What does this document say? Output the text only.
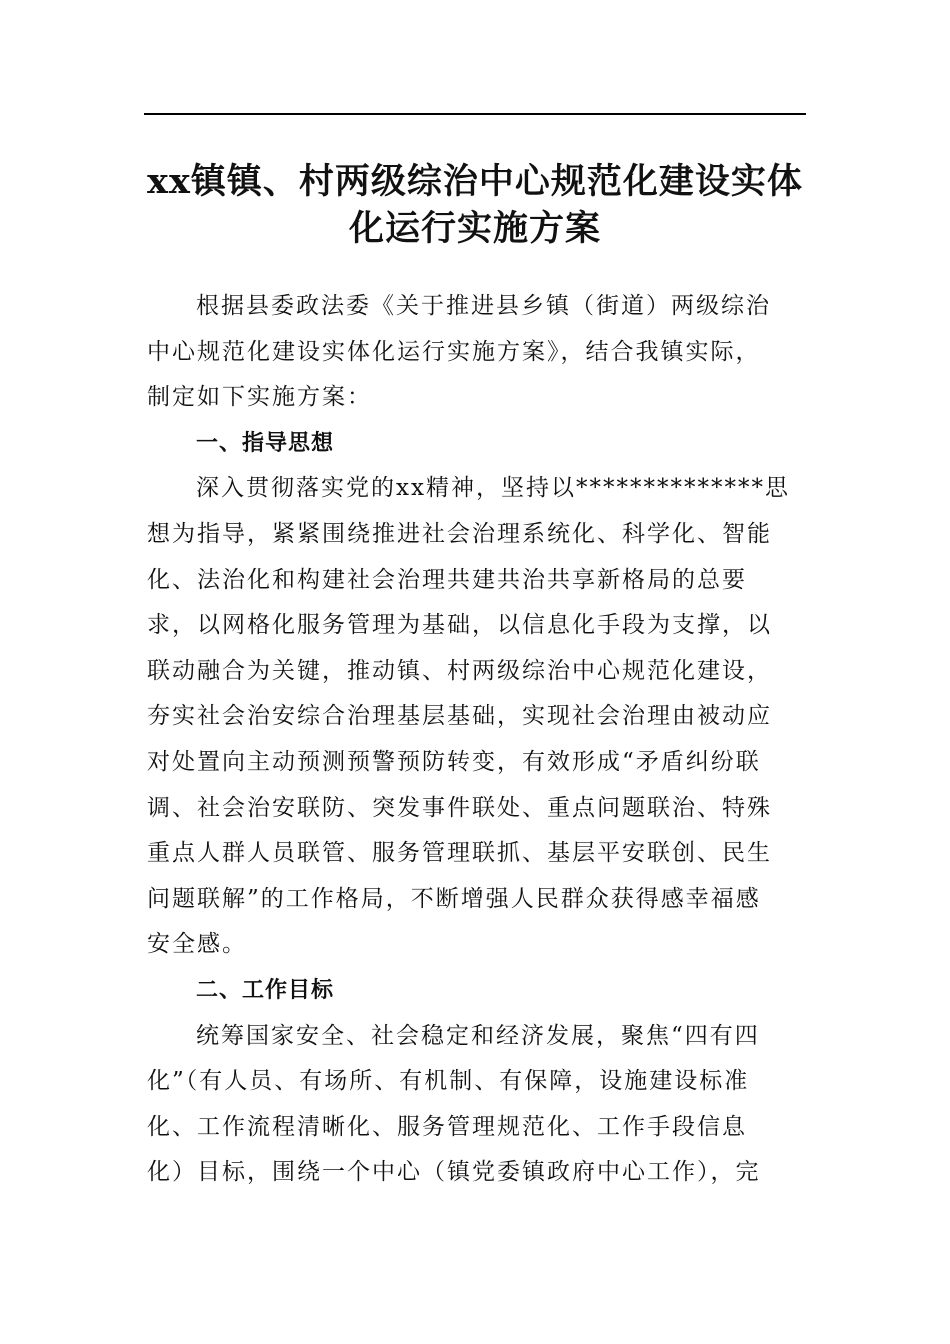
xx镇镇、村两级综治中心规范化建设实体
化运行实施方案
根据县委政法委《关于推进县乡镇（街道）两级综治
中心规范化建设实体化运行实施方案》，结合我镇实际，
制定如下实施方案：
一、指导思想
深入贯彻落实党的xx精神，坚持以**************思
想为指导，紧紧围绕推进社会治理系统化、科学化、智能
化、法治化和构建社会治理共建共治共享新格局的总要
求，以网格化服务管理为基础，以信息化手段为支撑，以
联动融合为关键，推动镇、村两级综治中心规范化建设，
夯实社会治安综合治理基层基础，实现社会治理由被动应
对处置向主动预测预警预防转变，有效形成“矛盾纠纷联
调、社会治安联防、突发事件联处、重点问题联治、特殊
重点人群人员联管、服务管理联抓、基层平安联创、民生
问题联解”的工作格局，不断增强人民群众获得感幸福感
安全感。
二、工作目标
统筹国家安全、社会稳定和经济发展，聚焦“四有四
化”（有人员、有场所、有机制、有保障，设施建设标准
化、工作流程清晰化、服务管理规范化、工作手段信息
化）目标，围绕一个中心（镇党委镇政府中心工作），完
